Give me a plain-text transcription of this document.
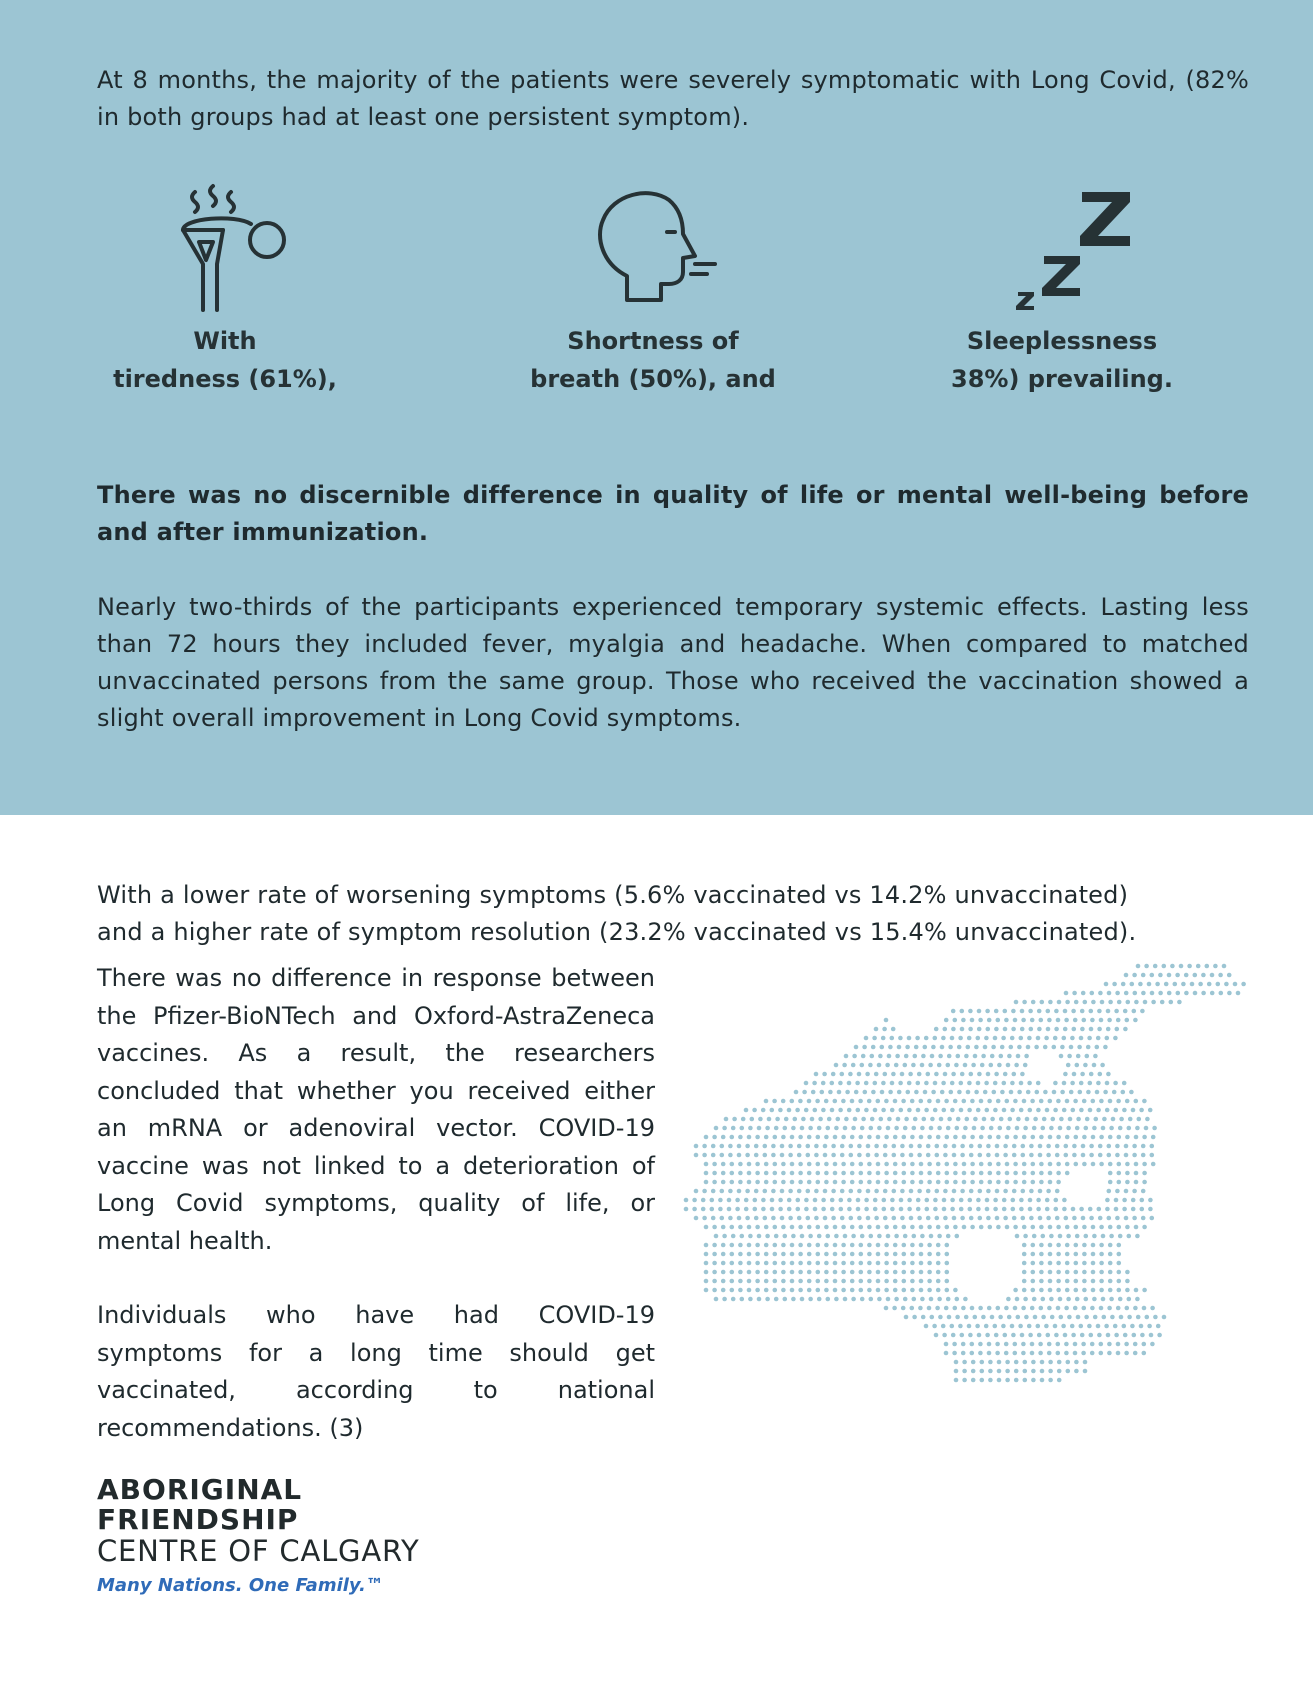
At 8 months, the majority of the patients were severely symptomatic with Long Covid, (82% in both groups had at least one persistent symptom).

With
tiredness (61%),

Shortness of
breath (50%), and

Sleeplessness
38%) prevailing.

There was no discernible difference in quality of life or mental well-being before and after immunization.

Nearly two-thirds of the participants experienced temporary systemic effects. Lasting less than 72 hours they included fever, myalgia and headache. When compared to matched unvaccinated persons from the same group. Those who received the vaccination showed a slight overall improvement in Long Covid symptoms.

With a lower rate of worsening symptoms (5.6% vaccinated vs 14.2% unvaccinated)
and a higher rate of symptom resolution (23.2% vaccinated vs 15.4% unvaccinated).

There was no difference in response between the Pfizer-BioNTech and Oxford-AstraZeneca vaccines. As a result, the researchers concluded that whether you received either an mRNA or adenoviral vector. COVID-19 vaccine was not linked to a deterioration of Long Covid symptoms, quality of life, or mental health.

Individuals who have had COVID-19 symptoms for a long time should get vaccinated, according to national recommendations. (3)

ABORIGINAL
FRIENDSHIP
CENTRE OF CALGARY
Many Nations. One Family.™
